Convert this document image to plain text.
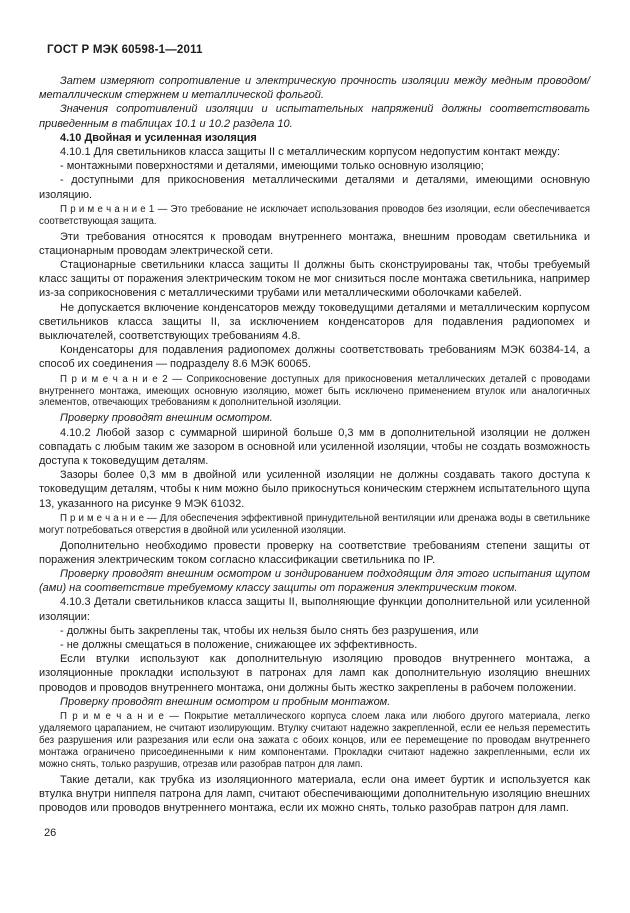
ГОСТ Р МЭК 60598-1—2011

Затем измеряют сопротивление и электрическую прочность изоляции между медным проводом/металлическим стержнем и металлической фольгой.

Значения сопротивлений изоляции и испытательных напряжений должны соответствовать приведенным в таблицах 10.1 и 10.2 раздела 10.

4.10 Двойная и усиленная изоляция

4.10.1 Для светильников класса защиты II с металлическим корпусом недопустим контакт между:

- монтажными поверхностями и деталями, имеющими только основную изоляцию;

- доступными для прикосновения металлическими деталями и деталями, имеющими основную изоляцию.

П р и м е ч а н и е 1 — Это требование не исключает использования проводов без изоляции, если обеспечивается соответствующая защита.

Эти требования относятся к проводам внутреннего монтажа, внешним проводам светильника и стационарным проводам электрической сети.

Стационарные светильники класса защиты II должны быть сконструированы так, чтобы требуемый класс защиты от поражения электрическим током не мог снизиться после монтажа светильника, например из-за соприкосновения с металлическими трубами или металлическими оболочками кабелей.

Не допускается включение конденсаторов между токоведущими деталями и металлическим корпусом светильников класса защиты II, за исключением конденсаторов для подавления радиопомех и выключателей, соответствующих требованиям 4.8.

Конденсаторы для подавления радиопомех должны соответствовать требованиям МЭК 60384-14, а способ их соединения — подразделу 8.6 МЭК 60065.

П р и м е ч а н и е 2 — Соприкосновение доступных для прикосновения металлических деталей с проводами внутреннего монтажа, имеющих основную изоляцию, может быть исключено применением втулок или аналогичных элементов, отвечающих требованиям к дополнительной изоляции.

Проверку проводят внешним осмотром.

4.10.2 Любой зазор с суммарной шириной больше 0,3 мм в дополнительной изоляции не должен совпадать с любым таким же зазором в основной или усиленной изоляции, чтобы не создать возможность доступа к токоведущим деталям.

Зазоры более 0,3 мм в двойной или усиленной изоляции не должны создавать такого доступа к токоведущим деталям, чтобы к ним можно было прикоснуться коническим стержнем испытательного щупа 13, указанного на рисунке 9 МЭК 61032.

П р и м е ч а н и е — Для обеспечения эффективной принудительной вентиляции или дренажа воды в светильнике могут потребоваться отверстия в двойной или усиленной изоляции.

Дополнительно необходимо провести проверку на соответствие требованиям степени защиты от поражения электрическим током согласно классификации светильника по IP.

Проверку проводят внешним осмотром и зондированием подходящим для этого испытания щупом (ами) на соответствие требуемому классу защиты от поражения электрическим током.

4.10.3 Детали светильников класса защиты II, выполняющие функции дополнительной или усиленной изоляции:

- должны быть закреплены так, чтобы их нельзя было снять без разрушения, или

- не должны смещаться в положение, снижающее их эффективность.

Если втулки используют как дополнительную изоляцию проводов внутреннего монтажа, а изоляционные прокладки используют в патронах для ламп как дополнительную изоляцию внешних проводов и проводов внутреннего монтажа, они должны быть жестко закреплены в рабочем положении.

Проверку проводят внешним осмотром и пробным монтажом.

П р и м е ч а н и е — Покрытие металлического корпуса слоем лака или любого другого материала, легко удаляемого царапанием, не считают изолирующим. Втулку считают надежно закрепленной, если ее нельзя переместить без разрушения или разрезания или если она зажата с обоих концов, или ее перемещение по проводам внутреннего монтажа ограничено присоединенными к ним компонентами. Прокладки считают надежно закрепленными, если их можно снять, только разрушив, отрезав или разобрав патрон для ламп.

Такие детали, как трубка из изоляционного материала, если она имеет буртик и используется как втулка внутри ниппеля патрона для ламп, считают обеспечивающими дополнительную изоляцию внешних проводов или проводов внутреннего монтажа, если их можно снять, только разобрав патрон для ламп.

26
